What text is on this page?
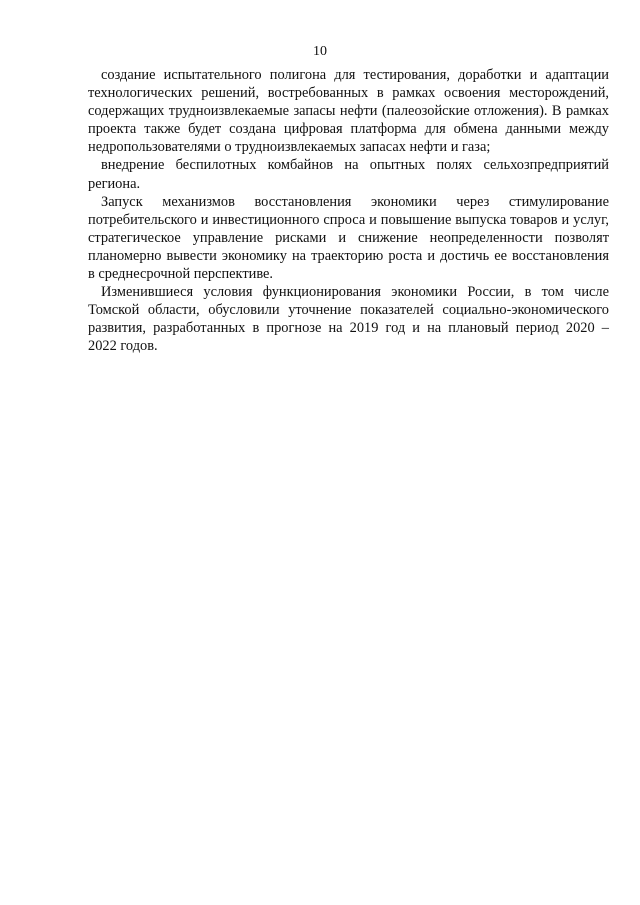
10
создание испытательного полигона для тестирования, доработки и адаптации
технологических решений, востребованных в рамках освоения месторождений,
содержащих трудноизвлекаемые запасы нефти (палеозойские отложения). В рамках
проекта также будет создана цифровая платформа для обмена данными между
недропользователями о трудноизвлекаемых запасах нефти и газа;
внедрение беспилотных комбайнов на опытных полях сельхозпредприятий
региона.
Запуск механизмов восстановления экономики через стимулирование
потребительского и инвестиционного спроса и повышение выпуска товаров и услуг,
стратегическое управление рисками и снижение неопределенности позволят
планомерно вывести экономику на траекторию роста и достичь ее восстановления
в среднесрочной перспективе.
Изменившиеся условия функционирования экономики России, в том числе
Томской области, обусловили уточнение показателей социально-экономического
развития, разработанных в прогнозе на 2019 год и на плановый период 2020 –
2022 годов.
